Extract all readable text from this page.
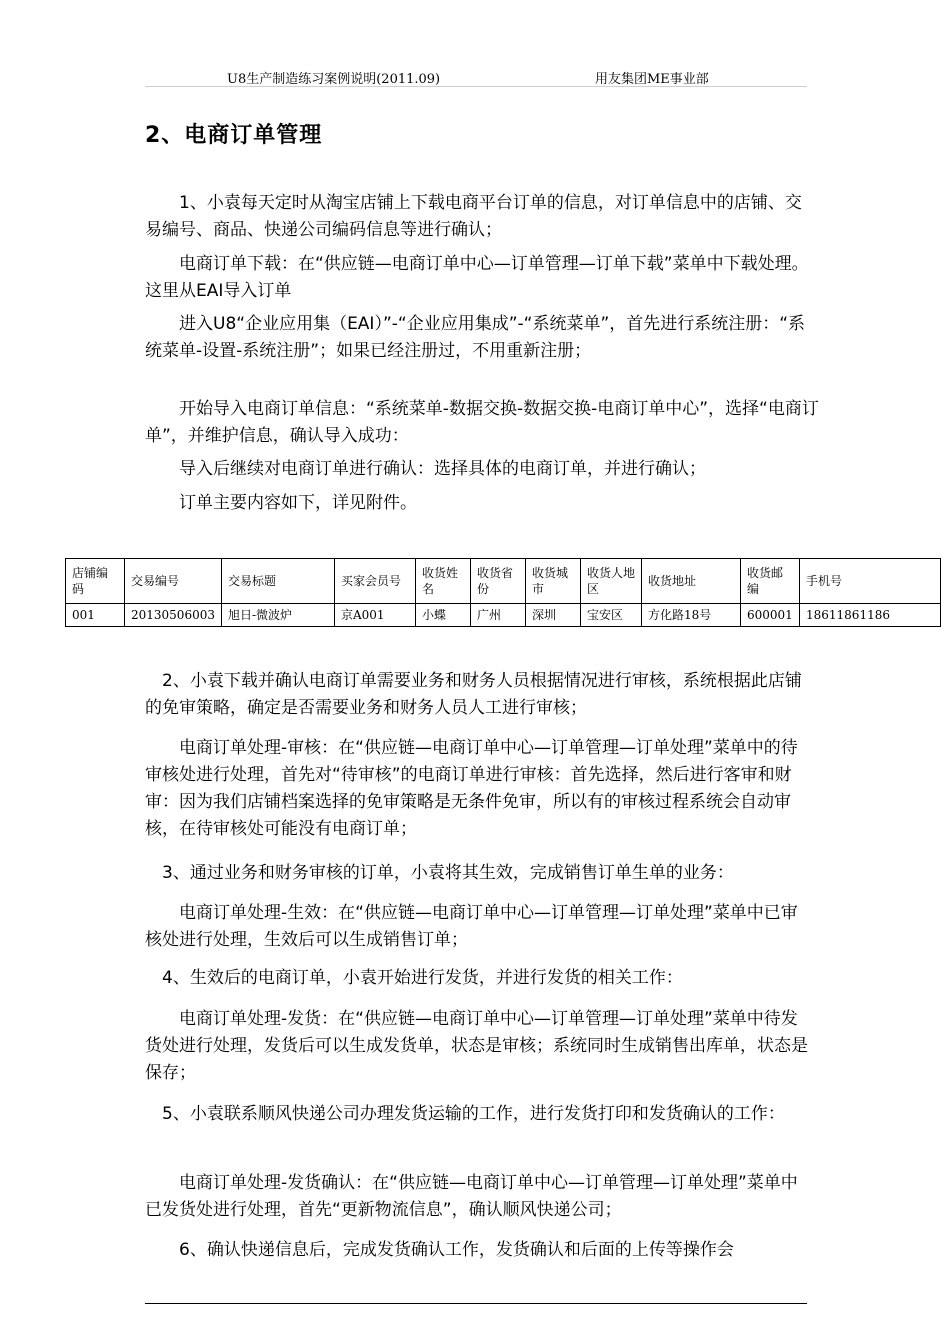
U8生产制造练习案例说明(2011.09)	用友集团ME事业部
2、电商订单管理

　　1、小袁每天定时从淘宝店铺上下载电商平台订单的信息，对订单信息中的店铺、交易编号、商品、快递公司编码信息等进行确认；

　　电商订单下载：在“供应链—电商订单中心—订单管理—订单下载”菜单中下载处理。这里从EAI导入订单

　　进入U8“企业应用集（EAI）”-“企业应用集成”-“系统菜单”，首先进行系统注册：“系统菜单-设置-系统注册”；如果已经注册过，不用重新注册；

　　开始导入电商订单信息：“系统菜单-数据交换-数据交换-电商订单中心”，选择“电商订单”，并维护信息，确认导入成功：

　　导入后继续对电商订单进行确认：选择具体的电商订单，并进行确认；

　　订单主要内容如下，详见附件。

店铺编码	交易编号	交易标题	买家会员号	收货姓名	收货省份	收货城市	收货人地区	收货地址	收货邮编	手机号
001	20130506003	旭日-微波炉	京A001	小蝶	广州	深圳	宝安区	方化路18号	600001	18611861186

　2、小袁下载并确认电商订单需要业务和财务人员根据情况进行审核，系统根据此店铺的免审策略，确定是否需要业务和财务人员人工进行审核；

　　电商订单处理-审核：在“供应链—电商订单中心—订单管理—订单处理”菜单中的待审核处进行处理，首先对“待审核”的电商订单进行审核：首先选择，然后进行客审和财审：因为我们店铺档案选择的免审策略是无条件免审，所以有的审核过程系统会自动审核，在待审核处可能没有电商订单；

　3、通过业务和财务审核的订单，小袁将其生效，完成销售订单生单的业务：

　　电商订单处理-生效：在“供应链—电商订单中心—订单管理—订单处理”菜单中已审核处进行处理，生效后可以生成销售订单；

　4、生效后的电商订单，小袁开始进行发货，并进行发货的相关工作：

　　电商订单处理-发货：在“供应链—电商订单中心—订单管理—订单处理”菜单中待发货处进行处理，发货后可以生成发货单，状态是审核；系统同时生成销售出库单，状态是保存；

　5、小袁联系顺风快递公司办理发货运输的工作，进行发货打印和发货确认的工作：

　　电商订单处理-发货确认：在“供应链—电商订单中心—订单管理—订单处理”菜单中已发货处进行处理，首先“更新物流信息”，确认顺风快递公司；

　　6、确认快递信息后，完成发货确认工作，发货确认和后面的上传等操作会
